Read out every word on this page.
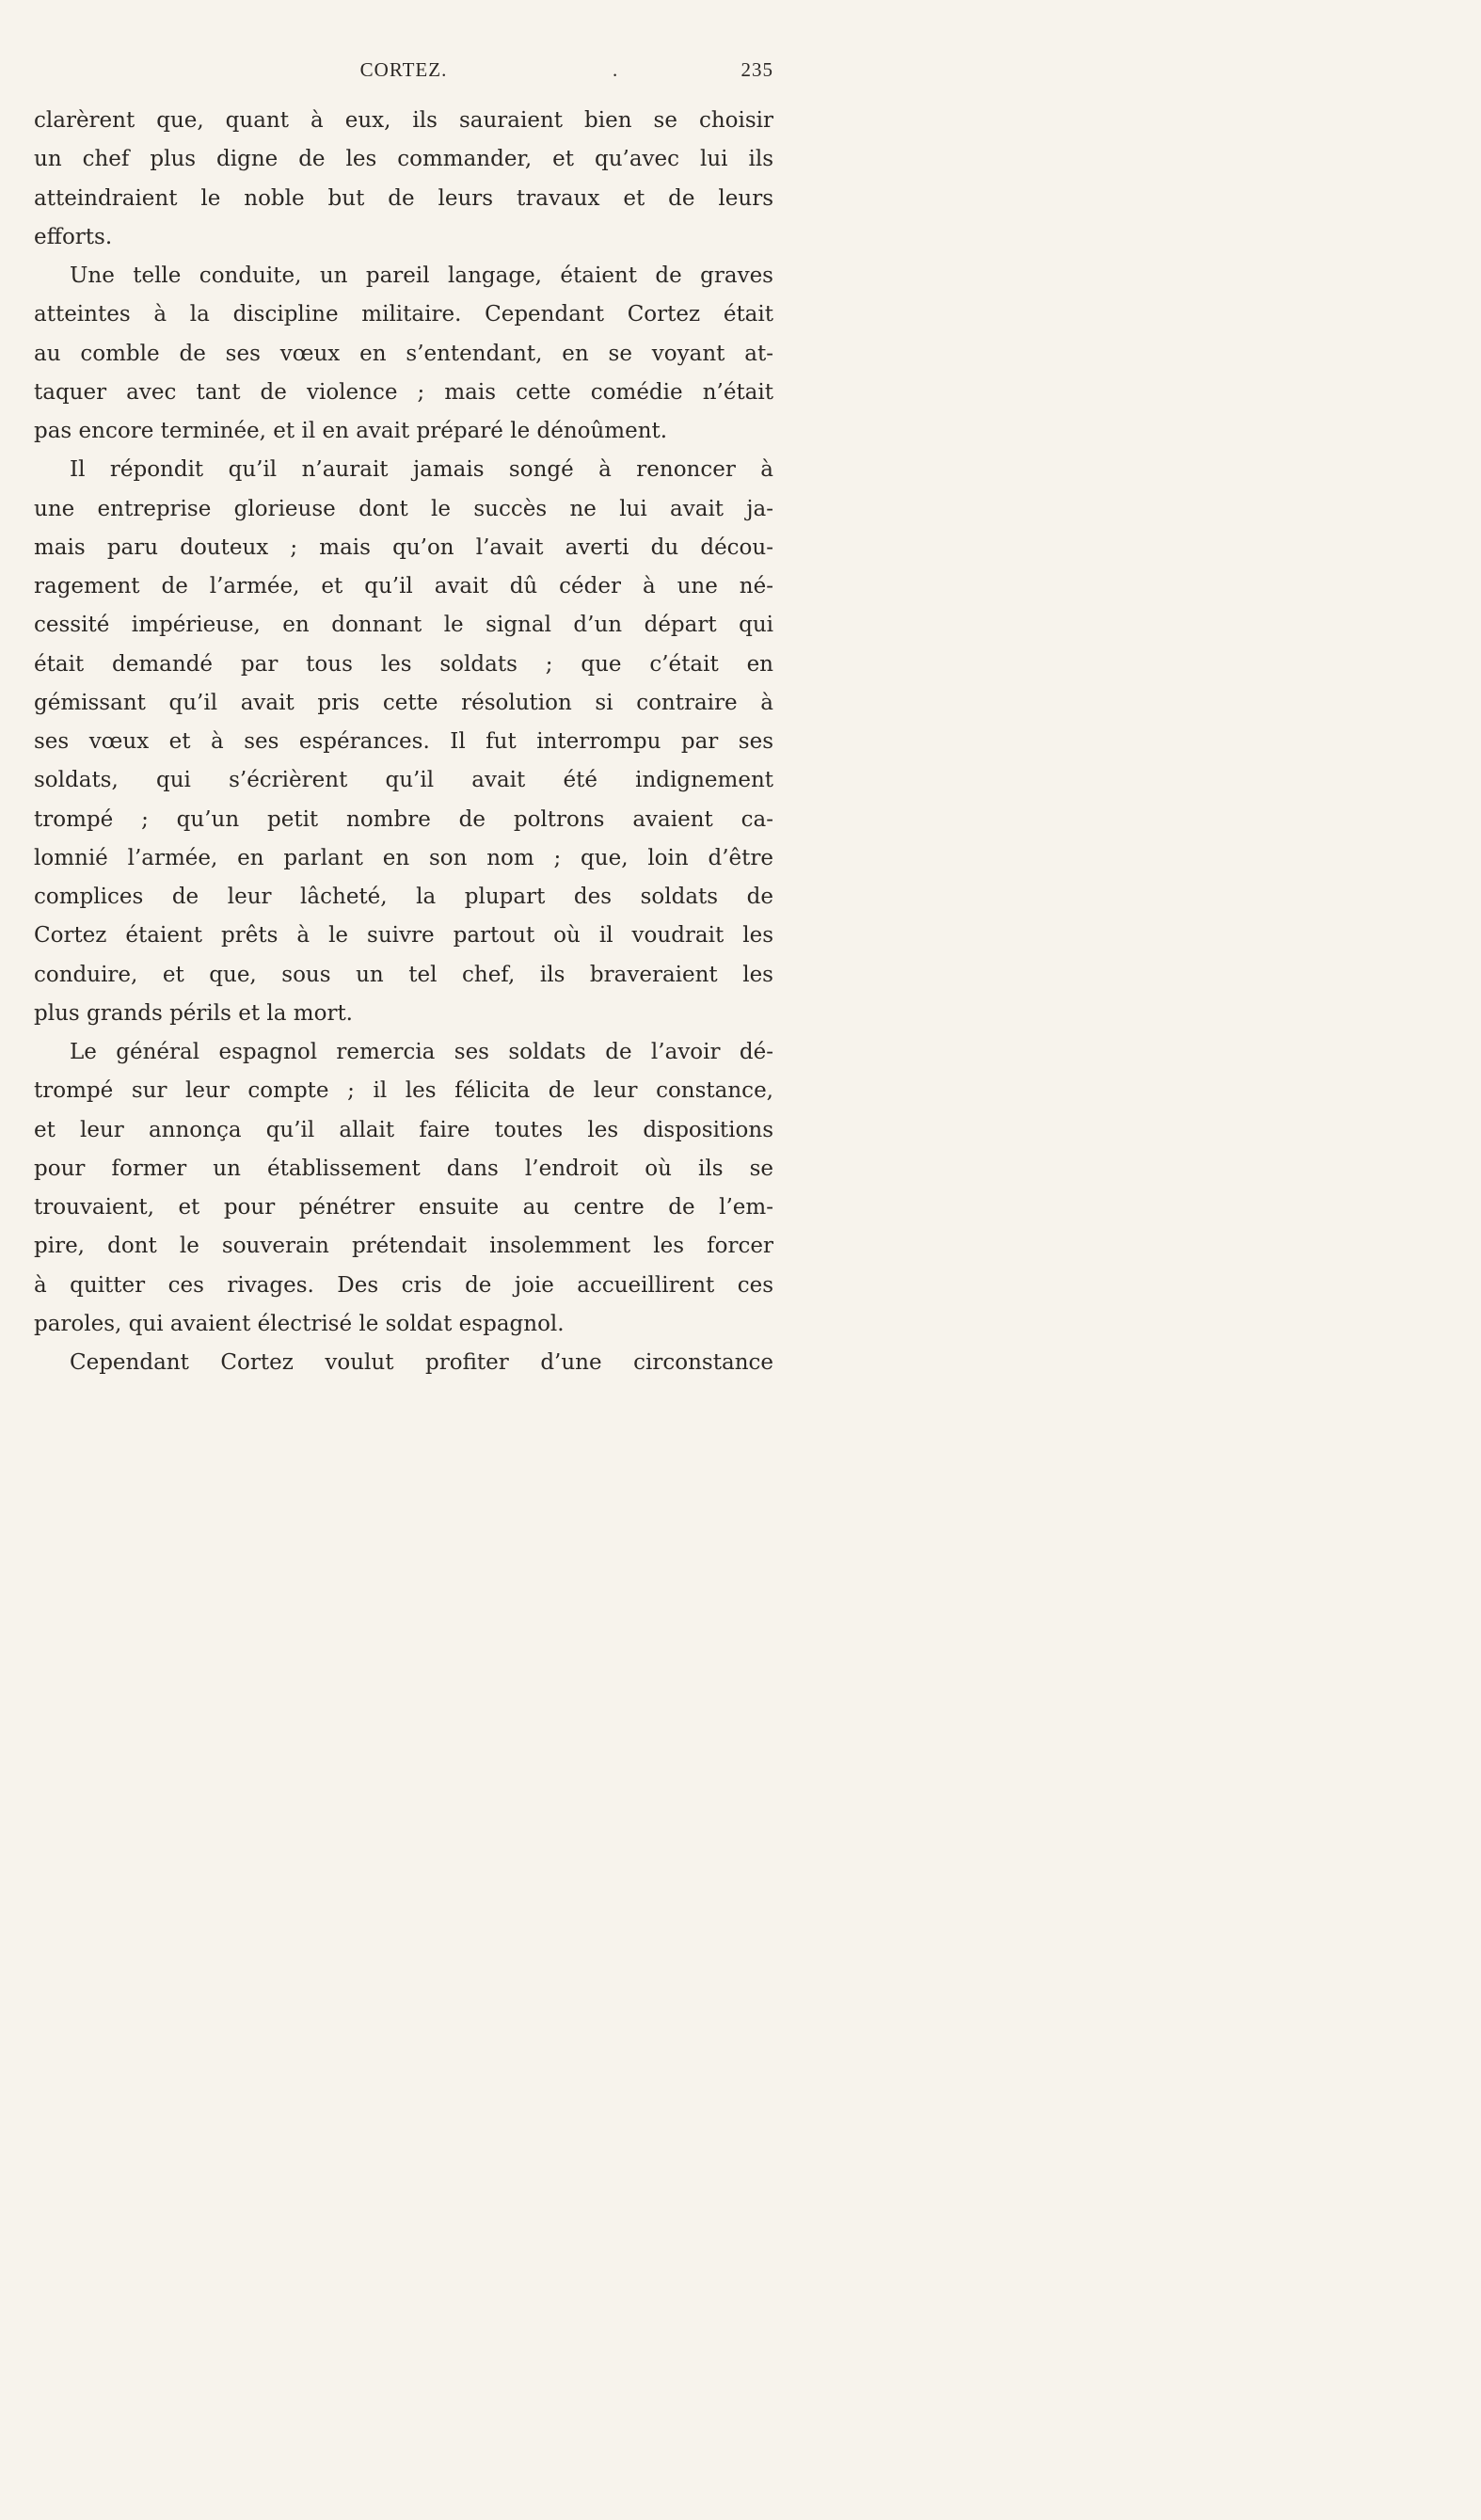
CORTEZ.	.	235
clarèrent que, quant à eux, ils sauraient bien se choisir
un chef plus digne de les commander, et qu’avec lui ils
atteindraient le noble but de leurs travaux et de leurs
efforts.
Une telle conduite, un pareil langage, étaient de graves
atteintes à la discipline militaire. Cependant Cortez était
au comble de ses vœux en s’entendant, en se voyant at-
taquer avec tant de violence ; mais cette comédie n’était
pas encore terminée, et il en avait préparé le dénoûment.
Il répondit qu’il n’aurait jamais songé à renoncer à
une entreprise glorieuse dont le succès ne lui avait ja-
mais paru douteux ; mais qu’on l’avait averti du décou-
ragement de l’armée, et qu’il avait dû céder à une né-
cessité impérieuse, en donnant le signal d’un départ qui
était demandé par tous les soldats ; que c’était en
gémissant qu’il avait pris cette résolution si contraire à
ses vœux et à ses espérances. Il fut interrompu par ses
soldats, qui s’écrièrent qu’il avait été indignement
trompé ; qu’un petit nombre de poltrons avaient ca-
lomnié l’armée, en parlant en son nom ; que, loin d’être
complices de leur lâcheté, la plupart des soldats de
Cortez étaient prêts à le suivre partout où il voudrait les
conduire, et que, sous un tel chef, ils braveraient les
plus grands périls et la mort.
Le général espagnol remercia ses soldats de l’avoir dé-
trompé sur leur compte ; il les félicita de leur constance,
et leur annonça qu’il allait faire toutes les dispositions
pour former un établissement dans l’endroit où ils se
trouvaient, et pour pénétrer ensuite au centre de l’em-
pire, dont le souverain prétendait insolemment les forcer
à quitter ces rivages. Des cris de joie accueillirent ces
paroles, qui avaient électrisé le soldat espagnol.
Cependant Cortez voulut profiter d’une circonstance
